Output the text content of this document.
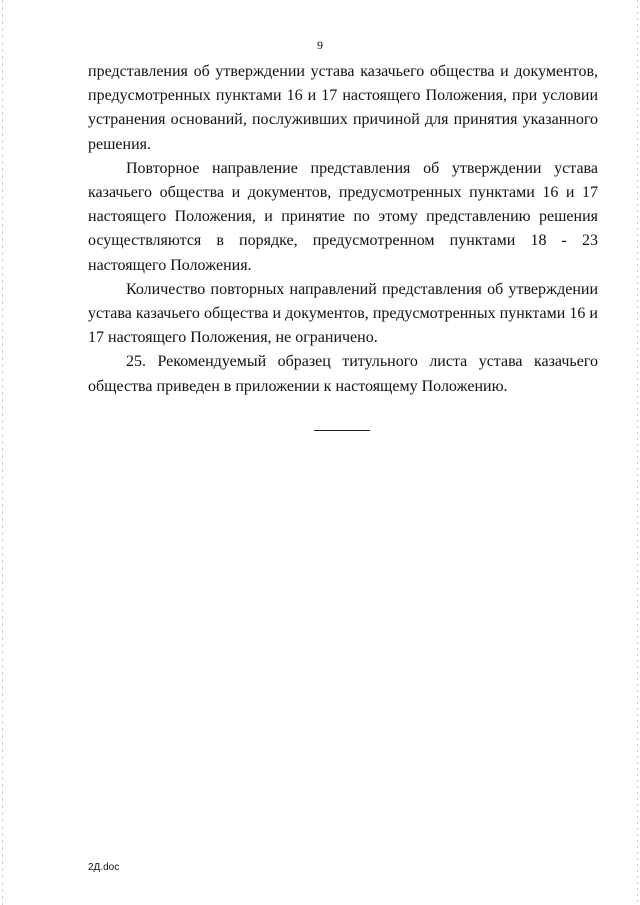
9

представления об утверждении устава казачьего общества и документов, предусмотренных пунктами 16 и 17 настоящего Положения, при условии устранения оснований, послуживших причиной для принятия указанного решения.

Повторное направление представления об утверждении устава казачьего общества и документов, предусмотренных пунктами 16 и 17 настоящего Положения, и принятие по этому представлению решения осуществляются в порядке, предусмотренном пунктами 18 - 23 настоящего Положения.

Количество повторных направлений представления об утверждении устава казачьего общества и документов, предусмотренных пунктами 16 и 17 настоящего Положения, не ограничено.

25. Рекомендуемый образец титульного листа устава казачьего общества приведен в приложении к настоящему Положению.

2Д.doc
